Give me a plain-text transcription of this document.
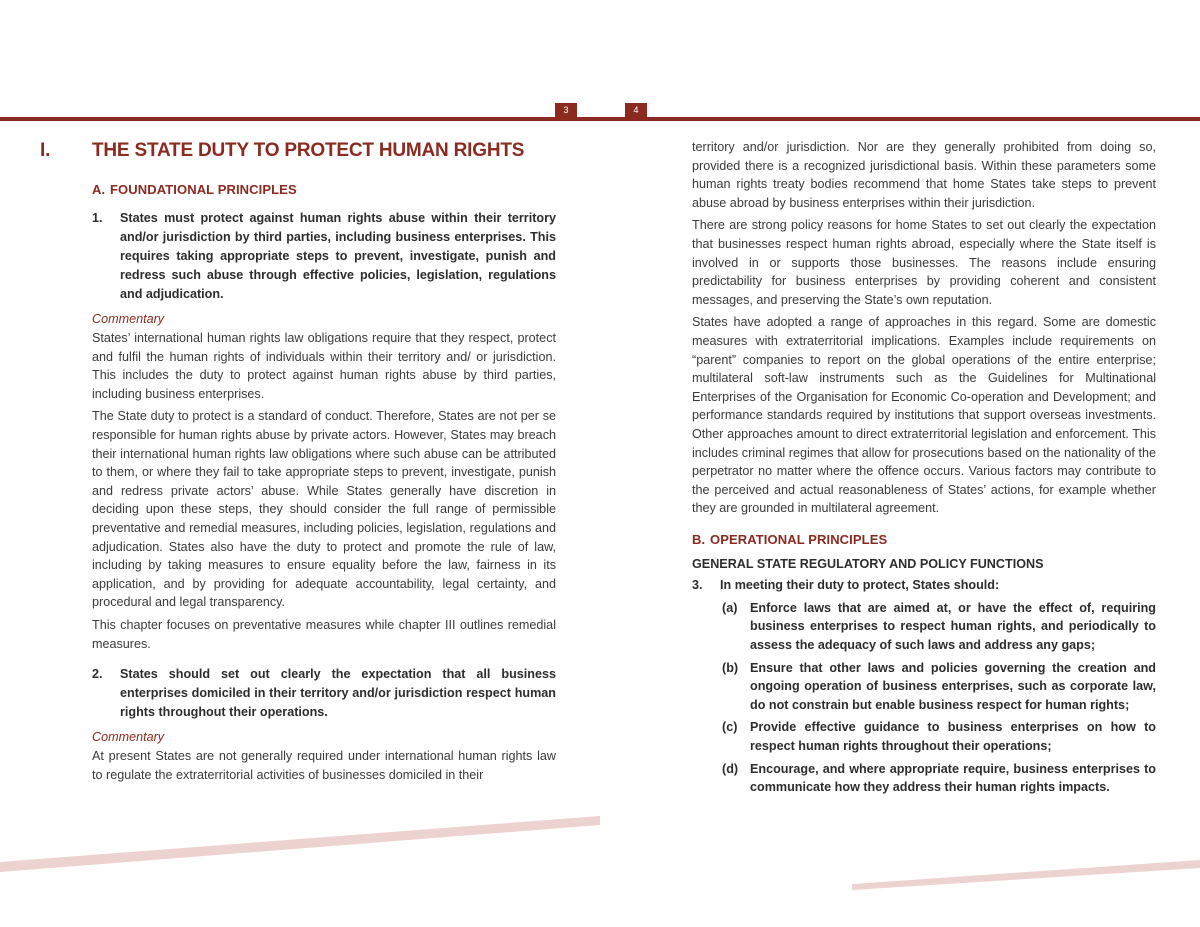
3	4
I. THE STATE DUTY TO PROTECT HUMAN RIGHTS
A. FOUNDATIONAL PRINCIPLES
1. States must protect against human rights abuse within their territory and/or jurisdiction by third parties, including business enterprises. This requires taking appropriate steps to prevent, investigate, punish and redress such abuse through effective policies, legislation, regulations and adjudication.
Commentary

States’ international human rights law obligations require that they respect, protect and fulfil the human rights of individuals within their territory and/ or jurisdiction. This includes the duty to protect against human rights abuse by third parties, including business enterprises.

The State duty to protect is a standard of conduct. Therefore, States are not per se responsible for human rights abuse by private actors. However, States may breach their international human rights law obligations where such abuse can be attributed to them, or where they fail to take appropriate steps to prevent, investigate, punish and redress private actors’ abuse. While States generally have discretion in deciding upon these steps, they should consider the full range of permissible preventative and remedial measures, including policies, legislation, regulations and adjudication. States also have the duty to protect and promote the rule of law, including by taking measures to ensure equality before the law, fairness in its application, and by providing for adequate accountability, legal certainty, and procedural and legal transparency.

This chapter focuses on preventative measures while chapter III outlines remedial measures.

2. States should set out clearly the expectation that all business enterprises domiciled in their territory and/or jurisdiction respect human rights throughout their operations.
Commentary

At present States are not generally required under international human rights law to regulate the extraterritorial activities of businesses domiciled in their

territory and/or jurisdiction. Nor are they generally prohibited from doing so, provided there is a recognized jurisdictional basis. Within these parameters some human rights treaty bodies recommend that home States take steps to prevent abuse abroad by business enterprises within their jurisdiction.

There are strong policy reasons for home States to set out clearly the expectation that businesses respect human rights abroad, especially where the State itself is involved in or supports those businesses. The reasons include ensuring predictability for business enterprises by providing coherent and consistent messages, and preserving the State’s own reputation.

States have adopted a range of approaches in this regard. Some are domestic measures with extraterritorial implications. Examples include requirements on “parent” companies to report on the global operations of the entire enterprise; multilateral soft-law instruments such as the Guidelines for Multinational Enterprises of the Organisation for Economic Co-operation and Development; and performance standards required by institutions that support overseas investments. Other approaches amount to direct extraterritorial legislation and enforcement. This includes criminal regimes that allow for prosecutions based on the nationality of the perpetrator no matter where the offence occurs. Various factors may contribute to the perceived and actual reasonableness of States’ actions, for example whether they are grounded in multilateral agreement.

B. OPERATIONAL PRINCIPLES
GENERAL STATE REGULATORY AND POLICY FUNCTIONS
3. In meeting their duty to protect, States should:
(a) Enforce laws that are aimed at, or have the effect of, requiring business enterprises to respect human rights, and periodically to assess the adequacy of such laws and address any gaps;
(b) Ensure that other laws and policies governing the creation and ongoing operation of business enterprises, such as corporate law, do not constrain but enable business respect for human rights;
(c) Provide effective guidance to business enterprises on how to respect human rights throughout their operations;
(d) Encourage, and where appropriate require, business enterprises to communicate how they address their human rights impacts.
